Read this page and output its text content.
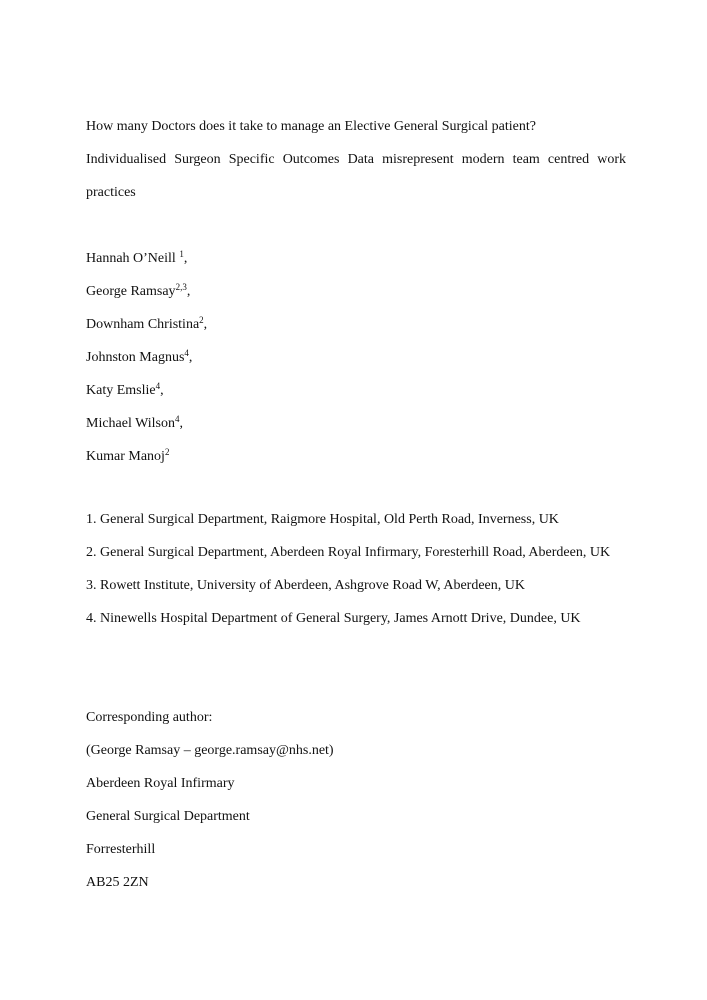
How many Doctors does it take to manage an Elective General Surgical patient?
Individualised Surgeon Specific Outcomes Data misrepresent modern team centred work
practices
Hannah O’Neill $^1$,
George Ramsay$^{2,3}$,
Downham Christina$^2$,
Johnston Magnus$^4$,
Katy Emslie$^4$,
Michael Wilson$^4$,
Kumar Manoj$^2$
1. General Surgical Department, Raigmore Hospital, Old Perth Road, Inverness, UK
2. General Surgical Department, Aberdeen Royal Infirmary, Foresterhill Road, Aberdeen, UK
3. Rowett Institute, University of Aberdeen, Ashgrove Road W, Aberdeen, UK
4. Ninewells Hospital Department of General Surgery, James Arnott Drive, Dundee, UK
Corresponding author:
(George Ramsay – george.ramsay@nhs.net)
Aberdeen Royal Infirmary
General Surgical Department
Forresterhill
AB25 2ZN
